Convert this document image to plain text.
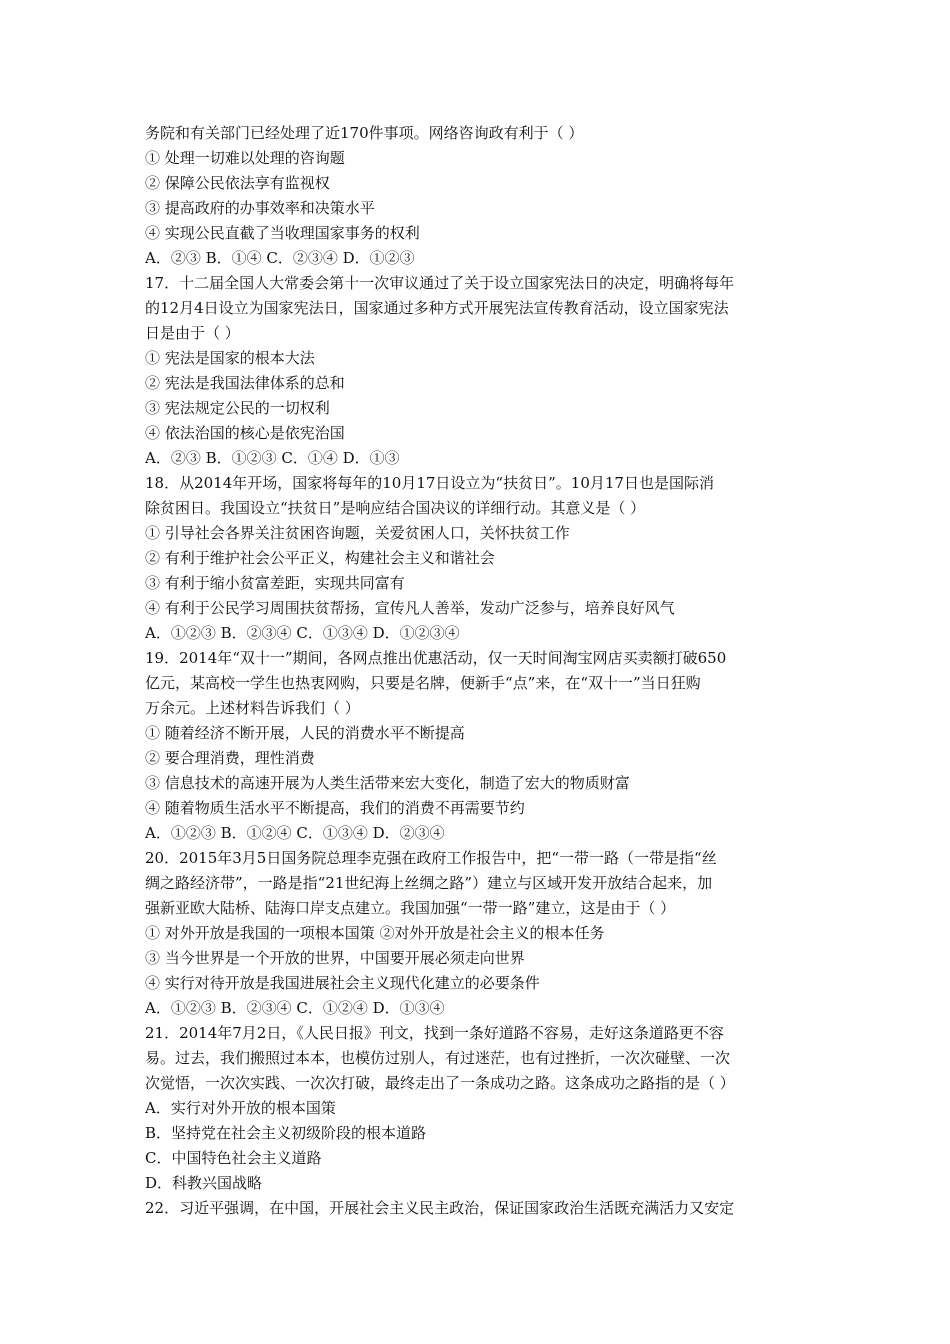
务院和有关部门已经处理了近170件事项。网络咨询政有利于（ ）
① 处理一切难以处理的咨询题
② 保障公民依法享有监视权
③ 提高政府的办事效率和决策水平
④ 实现公民直截了当收理国家事务的权利
A．②③ B．①④ C．②③④ D．①②③
17．十二届全国人大常委会第十一次审议通过了关于设立国家宪法日的决定，明确将每年
的12月4日设立为国家宪法日，国家通过多种方式开展宪法宣传教育活动，设立国家宪法
日是由于（ ）
① 宪法是国家的根本大法
② 宪法是我国法律体系的总和
③ 宪法规定公民的一切权利
④ 依法治国的核心是依宪治国
A．②③ B．①②③ C．①④ D．①③
18．从2014年开场，国家将每年的10月17日设立为“扶贫日”。10月17日也是国际消
除贫困日。我国设立“扶贫日”是响应结合国决议的详细行动。其意义是（ ）
① 引导社会各界关注贫困咨询题，关爱贫困人口，关怀扶贫工作
② 有利于维护社会公平正义，构建社会主义和谐社会
③ 有利于缩小贫富差距，实现共同富有
④ 有利于公民学习周围扶贫帮扬，宣传凡人善举，发动广泛参与，培养良好风气
A．①②③ B．②③④ C．①③④ D．①②③④
19．2014年“双十一”期间，各网点推出优惠活动，仅一天时间淘宝网店买卖额打破650
亿元，某高校一学生也热衷网购，只要是名牌，便新手“点”来，在“双十一”当日狂购
万余元。上述材料告诉我们（ ）
① 随着经济不断开展，人民的消费水平不断提高
② 要合理消费，理性消费
③ 信息技术的高速开展为人类生活带来宏大变化，制造了宏大的物质财富
④ 随着物质生活水平不断提高，我们的消费不再需要节约
A．①②③ B．①②④ C．①③④ D．②③④
20．2015年3月5日国务院总理李克强在政府工作报告中，把“一带一路（一带是指“丝
绸之路经济带”，一路是指“21世纪海上丝绸之路”）建立与区域开发开放结合起来，加
强新亚欧大陆桥、陆海口岸支点建立。我国加强“一带一路”建立，这是由于（ ）
① 对外开放是我国的一项根本国策 ②对外开放是社会主义的根本任务
③ 当今世界是一个开放的世界，中国要开展必须走向世界
④ 实行对待开放是我国进展社会主义现代化建立的必要条件
A．①②③ B．②③④ C．①②④ D．①③④
21．2014年7月2日，《人民日报》刊文，找到一条好道路不容易，走好这条道路更不容
易。过去，我们搬照过本本，也模仿过别人，有过迷茫，也有过挫折，一次次碰壁、一次
次觉悟，一次次实践、一次次打破，最终走出了一条成功之路。这条成功之路指的是（ ）
A．实行对外开放的根本国策
B．坚持党在社会主义初级阶段的根本道路
C．中国特色社会主义道路
D．科教兴国战略
22．习近平强调，在中国，开展社会主义民主政治，保证国家政治生活既充满活力又安定
